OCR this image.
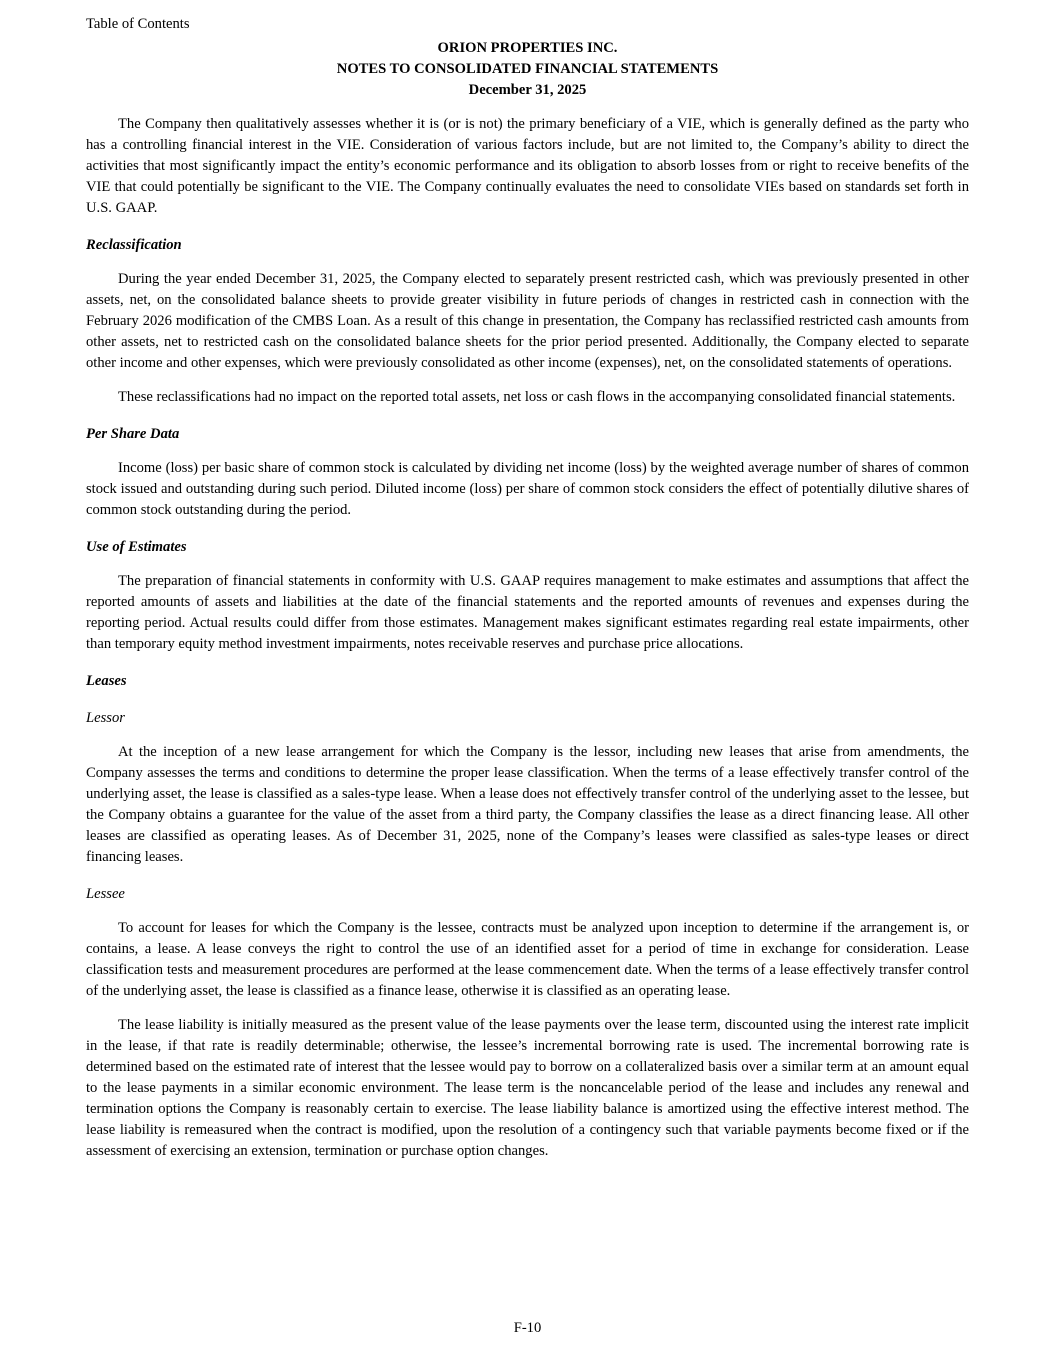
Table of Contents
ORION PROPERTIES INC.
NOTES TO CONSOLIDATED FINANCIAL STATEMENTS
December 31, 2025

The Company then qualitatively assesses whether it is (or is not) the primary beneficiary of a VIE, which is generally defined as the party who has a controlling financial interest in the VIE. Consideration of various factors include, but are not limited to, the Company’s ability to direct the activities that most significantly impact the entity’s economic performance and its obligation to absorb losses from or right to receive benefits of the VIE that could potentially be significant to the VIE. The Company continually evaluates the need to consolidate VIEs based on standards set forth in U.S. GAAP.

Reclassification

During the year ended December 31, 2025, the Company elected to separately present restricted cash, which was previously presented in other assets, net, on the consolidated balance sheets to provide greater visibility in future periods of changes in restricted cash in connection with the February 2026 modification of the CMBS Loan. As a result of this change in presentation, the Company has reclassified restricted cash amounts from other assets, net to restricted cash on the consolidated balance sheets for the prior period presented. Additionally, the Company elected to separate other income and other expenses, which were previously consolidated as other income (expenses), net, on the consolidated statements of operations.

These reclassifications had no impact on the reported total assets, net loss or cash flows in the accompanying consolidated financial statements.

Per Share Data

Income (loss) per basic share of common stock is calculated by dividing net income (loss) by the weighted average number of shares of common stock issued and outstanding during such period. Diluted income (loss) per share of common stock considers the effect of potentially dilutive shares of common stock outstanding during the period.

Use of Estimates

The preparation of financial statements in conformity with U.S. GAAP requires management to make estimates and assumptions that affect the reported amounts of assets and liabilities at the date of the financial statements and the reported amounts of revenues and expenses during the reporting period. Actual results could differ from those estimates. Management makes significant estimates regarding real estate impairments, other than temporary equity method investment impairments, notes receivable reserves and purchase price allocations.

Leases
Lessor

At the inception of a new lease arrangement for which the Company is the lessor, including new leases that arise from amendments, the Company assesses the terms and conditions to determine the proper lease classification. When the terms of a lease effectively transfer control of the underlying asset, the lease is classified as a sales-type lease. When a lease does not effectively transfer control of the underlying asset to the lessee, but the Company obtains a guarantee for the value of the asset from a third party, the Company classifies the lease as a direct financing lease. All other leases are classified as operating leases. As of December 31, 2025, none of the Company’s leases were classified as sales-type leases or direct financing leases.

Lessee

To account for leases for which the Company is the lessee, contracts must be analyzed upon inception to determine if the arrangement is, or contains, a lease. A lease conveys the right to control the use of an identified asset for a period of time in exchange for consideration. Lease classification tests and measurement procedures are performed at the lease commencement date. When the terms of a lease effectively transfer control of the underlying asset, the lease is classified as a finance lease, otherwise it is classified as an operating lease.

The lease liability is initially measured as the present value of the lease payments over the lease term, discounted using the interest rate implicit in the lease, if that rate is readily determinable; otherwise, the lessee’s incremental borrowing rate is used. The incremental borrowing rate is determined based on the estimated rate of interest that the lessee would pay to borrow on a collateralized basis over a similar term at an amount equal to the lease payments in a similar economic environment. The lease term is the noncancelable period of the lease and includes any renewal and termination options the Company is reasonably certain to exercise. The lease liability balance is amortized using the effective interest method. The lease liability is remeasured when the contract is modified, upon the resolution of a contingency such that variable payments become fixed or if the assessment of exercising an extension, termination or purchase option changes.

F-10
